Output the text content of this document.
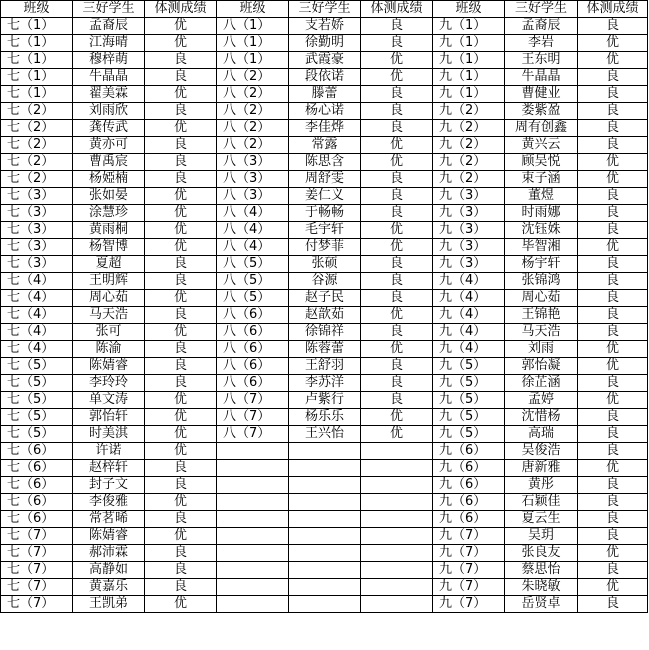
班级	三好学生	体测成绩	班级	三好学生	体测成绩	班级	三好学生	体测成绩
七（1）	孟裔辰	优	八（1）	支若娇	良	九（1）	孟裔辰	良
七（1）	江海晴	优	八（1）	徐勤明	良	九（1）	李岩	优
七（1）	穆梓萌	良	八（1）	武霞豪	优	九（1）	王东明	优
七（1）	牛晶晶	良	八（2）	段依诺	优	九（1）	牛晶晶	良
七（1）	翟美霖	优	八（2）	滕蕾	良	九（1）	曹健业	良
七（2）	刘雨欣	良	八（2）	杨心诺	良	九（2）	娄紫盈	良
七（2）	龚传武	优	八（2）	李佳烨	良	九（2）	周有创鑫	良
七（2）	黄亦可	良	八（2）	常露	优	九（2）	黄兴云	良
七（2）	曹禹宸	良	八（3）	陈思含	优	九（2）	顾吴悦	优
七（2）	杨婭楠	良	八（3）	周舒雯	良	九（2）	束子涵	优
七（3）	张如晏	优	八（3）	姜仁义	良	九（3）	董煜	良
七（3）	涂慧珍	优	八（4）	于畅畅	良	九（3）	时雨娜	良
七（3）	黄雨桐	优	八（4）	毛宇轩	优	九（3）	沈钰姝	良
七（3）	杨智博	优	八（4）	付梦菲	优	九（3）	毕智湘	优
七（3）	夏超	良	八（5）	张硕	良	九（3）	杨宇轩	良
七（4）	王明辉	良	八（5）	谷源	良	九（4）	张锦鸿	良
七（4）	周心茹	优	八（5）	赵子民	良	九（4）	周心茹	良
七（4）	马天浩	良	八（6）	赵歆茹	优	九（4）	王锦艳	良
七（4）	张可	优	八（6）	徐锦祥	良	九（4）	马天浩	良
七（4）	陈渝	良	八（6）	陈蓉蕾	优	九（4）	刘雨	优
七（5）	陈婧睿	良	八（6）	王舒羽	良	九（5）	郭怡凝	优
七（5）	李玲玲	良	八（6）	李苏洋	良	九（5）	徐芷涵	良
七（5）	单文涛	优	八（7）	卢紫行	良	九（5）	孟婷	优
七（5）	郭怡轩	优	八（7）	杨乐乐	优	九（5）	沈惜杨	良
七（5）	时美淇	优	八（7）	王兴怡	优	九（5）	高瑞	良
七（6）	许诺	优				九（6）	吴俊浩	良
七（6）	赵梓轩	良				九（6）	唐新雅	优
七（6）	封子文	良				九（6）	黄彤	良
七（6）	李俊雅	优				九（6）	石颖佳	良
七（6）	常茗晞	良				九（6）	夏云生	良
七（7）	陈婧睿	优				九（7）	吴玥	良
七（7）	郝沛霖	良				九（7）	张良友	优
七（7）	高静如	良				九（7）	蔡思怡	良
七（7）	黄嘉乐	良				九（7）	朱晓敏	优
七（7）	王凯弟	优				九（7）	岳贤卓	良
